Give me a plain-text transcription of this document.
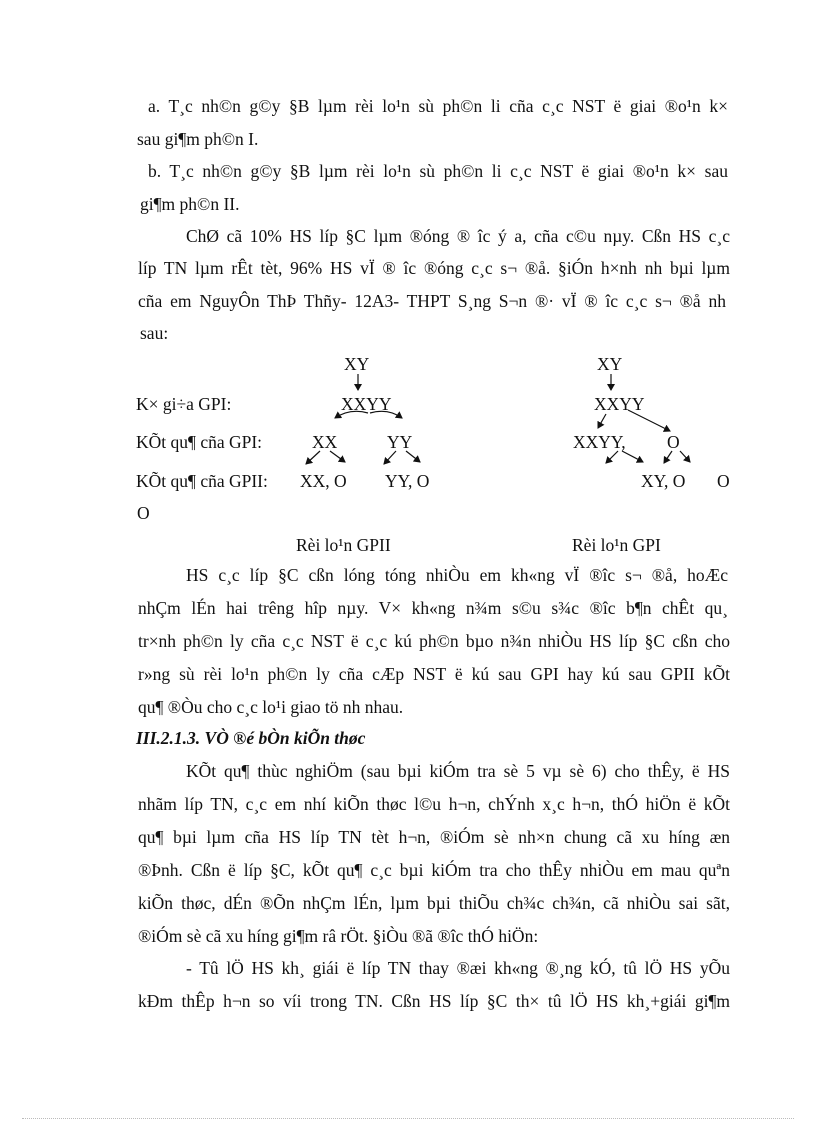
a. T¸c nh©n g©y §B lµm rèi lo¹n sù ph©n li cña c¸c NST ë giai ®o¹n k×
sau gi¶m ph©n I.
b. T¸c nh©n g©y §B lµm rèi lo¹n sù ph©n li c¸c NST ë giai ®o¹n k× sau
gi¶m ph©n II.
ChØ cã 10% HS líp §C lµm ®óng ® îc ý a, cña c©u nµy. Cßn HS c¸c
líp TN lµm rÊt tèt, 96% HS vÏ ® îc ®óng c¸c s¬ ®å. §iÓn h×nh nh bµi lµm
cña em NguyÔn ThÞ Thñy- 12A3- THPT S¸ng S¬n ®· vÏ ® îc c¸c s¬ ®å nh
sau:
K× gi÷a GPI:
KÕt qu¶ cña GPI:
KÕt qu¶ cña GPII:
XY
XXYY
XX	YY
XX, O YY, O
Rèi lo¹n GPII
XY
XXYY
XXYY, O
XY, O O
Rèi lo¹n GPI
O
HS c¸c líp §C cßn lóng tóng nhiÒu em kh«ng vÏ ®îc s¬ ®å, hoÆc
nhÇm lÉn hai trêng hîp nµy. V× kh«ng n¾m s©u s¾c ®îc b¶n chÊt qu¸
tr×nh ph©n ly cña c¸c NST ë c¸c kú ph©n bµo n¾n nhiÒu HS líp §C cßn cho
r»ng sù rèi lo¹n ph©n ly cña cÆp NST ë kú sau GPI hay kú sau GPII kÕt
qu¶ ®Òu cho c¸c lo¹i giao tö nh nhau.
III.2.1.3. VÒ ®é bÒn kiÕn thøc
KÕt qu¶ thùc nghiÖm (sau bµi kiÓm tra sè 5 vµ sè 6) cho thÊy, ë HS
nhãm líp TN, c¸c em nhí kiÕn thøc l©u h¬n, chÝnh x¸c h¬n, thÓ hiÖn ë kÕt
qu¶ bµi lµm cña HS líp TN tèt h¬n, ®iÓm sè nh×n chung cã xu híng æn
®Þnh. Cßn ë líp §C, kÕt qu¶ c¸c bµi kiÓm tra cho thÊy nhiÒu em mau quªn
kiÕn thøc, dÉn ®Õn nhÇm lÉn, lµm bµi thiÕu ch¾c ch¾n, cã nhiÒu sai sãt,
®iÓm sè cã xu híng gi¶m râ rÖt. §iÒu ®ã ®îc thÓ hiÖn:
- Tû lÖ HS kh¸ giái ë líp TN thay ®æi kh«ng ®¸ng kÓ, tû lÖ HS yÕu
kÐm thÊp h¬n so víi trong TN. Cßn HS líp §C th× tû lÖ HS kh¸+giái gi¶m
